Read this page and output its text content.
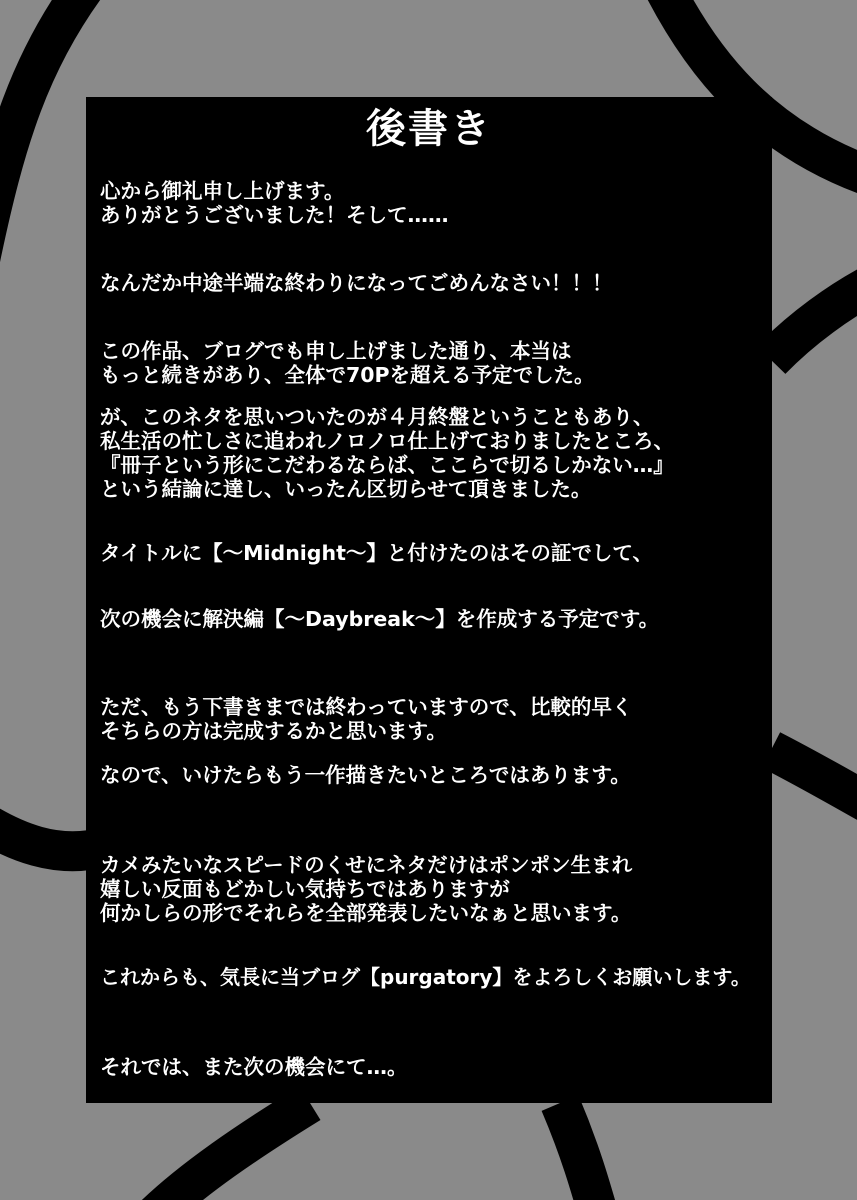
後書き
心から御礼申し上げます。
ありがとうございました！そして……
なんだか中途半端な終わりになってごめんなさい！！！
この作品、ブログでも申し上げました通り、本当は
もっと続きがあり、全体で70Pを超える予定でした。
が、このネタを思いついたのが４月終盤ということもあり、
私生活の忙しさに追われノロノロ仕上げておりましたところ、
『冊子という形にこだわるならば、ここらで切るしかない…』
という結論に達し、いったん区切らせて頂きました。
タイトルに【～Midnight～】と付けたのはその証でして、
次の機会に解決編【～Daybreak～】を作成する予定です。
ただ、もう下書きまでは終わっていますので、比較的早く
そちらの方は完成するかと思います。
なので、いけたらもう一作描きたいところではあります。
カメみたいなスピードのくせにネタだけはポンポン生まれ
嬉しい反面もどかしい気持ちではありますが
何かしらの形でそれらを全部発表したいなぁと思います。
これからも、気長に当ブログ【purgatory】をよろしくお願いします。
それでは、また次の機会にて…。
